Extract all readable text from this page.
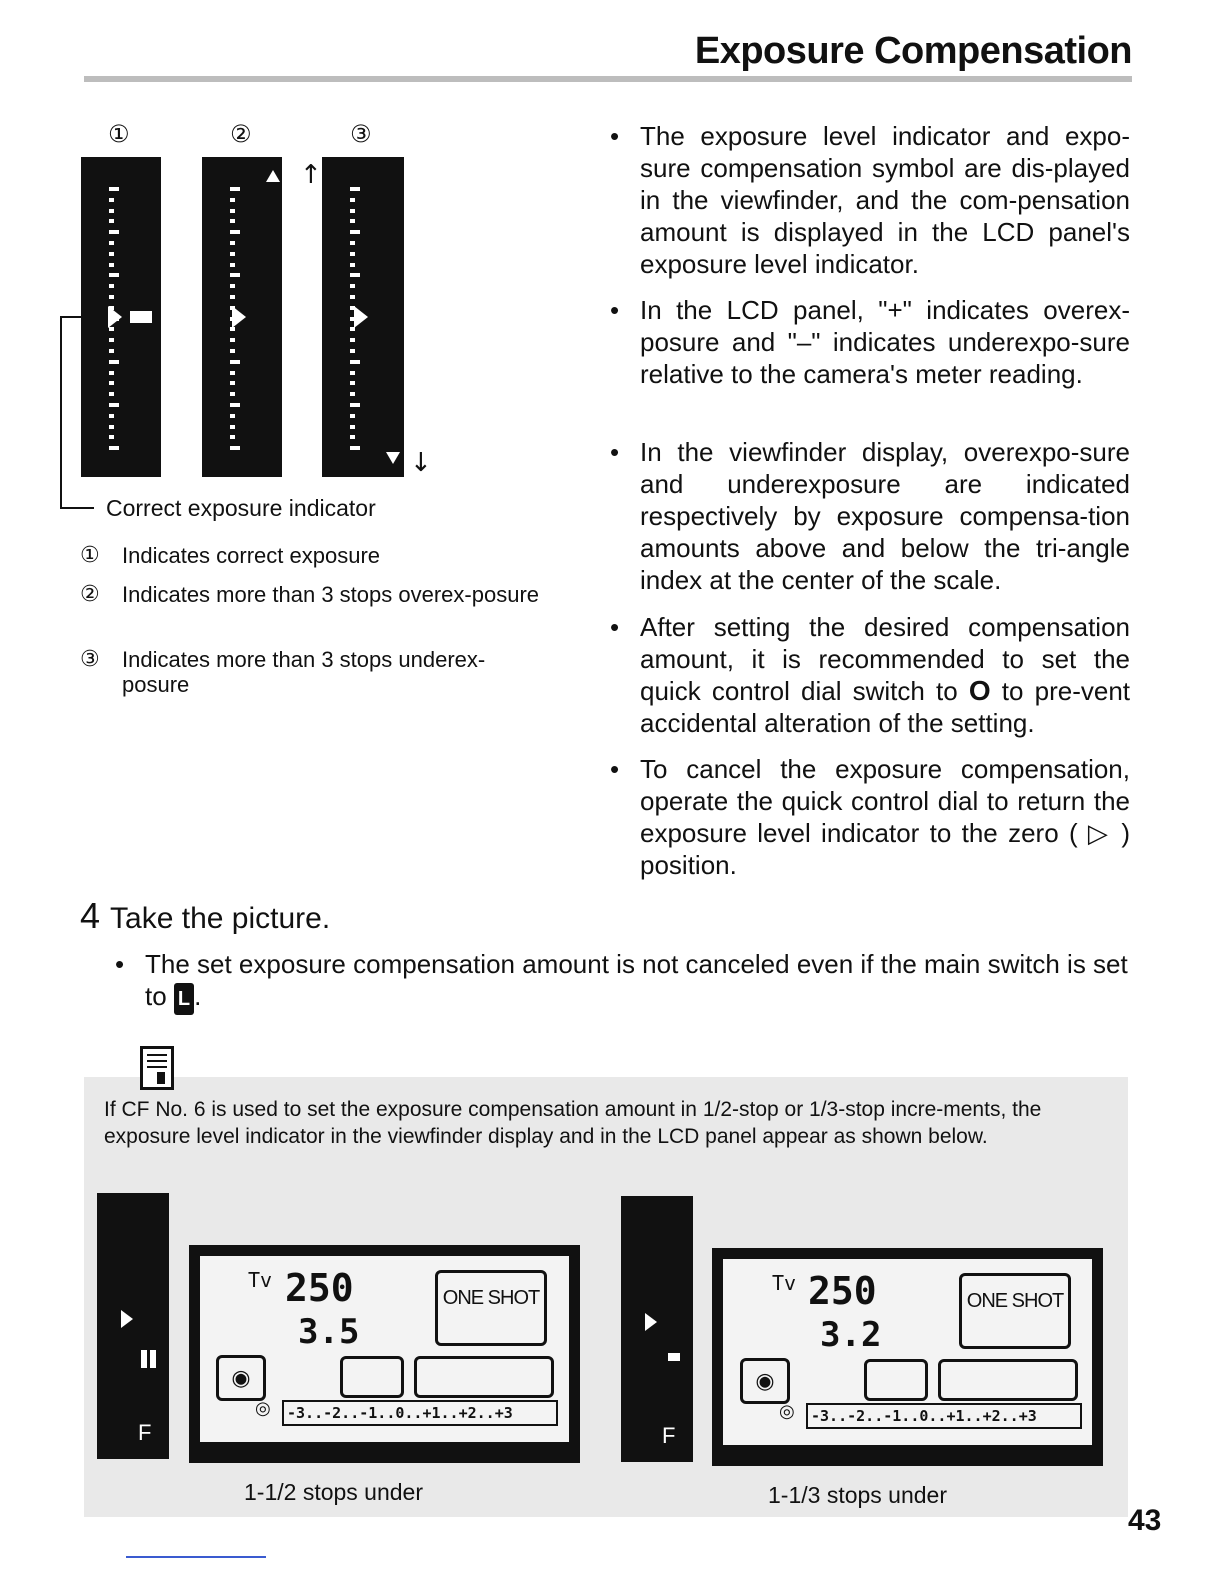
Exposure Compensation
①	②	③
↑
↓
Correct exposure indicator
① Indicates correct exposure
② Indicates more than 3 stops overex-posure
③ Indicates more than 3 stops underex-posure
• The exposure level indicator and expo-sure compensation symbol are dis-played in the viewfinder, and the com-pensation amount is displayed in the LCD panel's exposure level indicator.
• In the LCD panel, "+" indicates overex-posure and "–" indicates underexpo-sure relative to the camera's meter reading.
• In the viewfinder display, overexpo-sure and underexposure are indicated respectively by exposure compensa-tion amounts above and below the tri-angle index at the center of the scale.
• After setting the desired compensation amount, it is recommended to set the quick control dial switch to O to pre-vent accidental alteration of the setting.
• To cancel the exposure compensation, operate the quick control dial to return the exposure level indicator to the zero ( ▷ ) position.
4 Take the picture.
• The set exposure compensation amount is not canceled even if the main switch is set to L .
If CF No. 6 is used to set the exposure compensation amount in 1/2-stop or 1/3-stop incre-ments, the exposure level indicator in the viewfinder display and in the LCD panel appear as shown below.
F
Tv 250
3.5
ONE SHOT
◉
◎	-3..-2..-1..0..+1..+2..+3
1-1/2 stops under
F
Tv 250
3.2
ONE SHOT
◉
◎	-3..-2..-1..0..+1..+2..+3
1-1/3 stops under
43
